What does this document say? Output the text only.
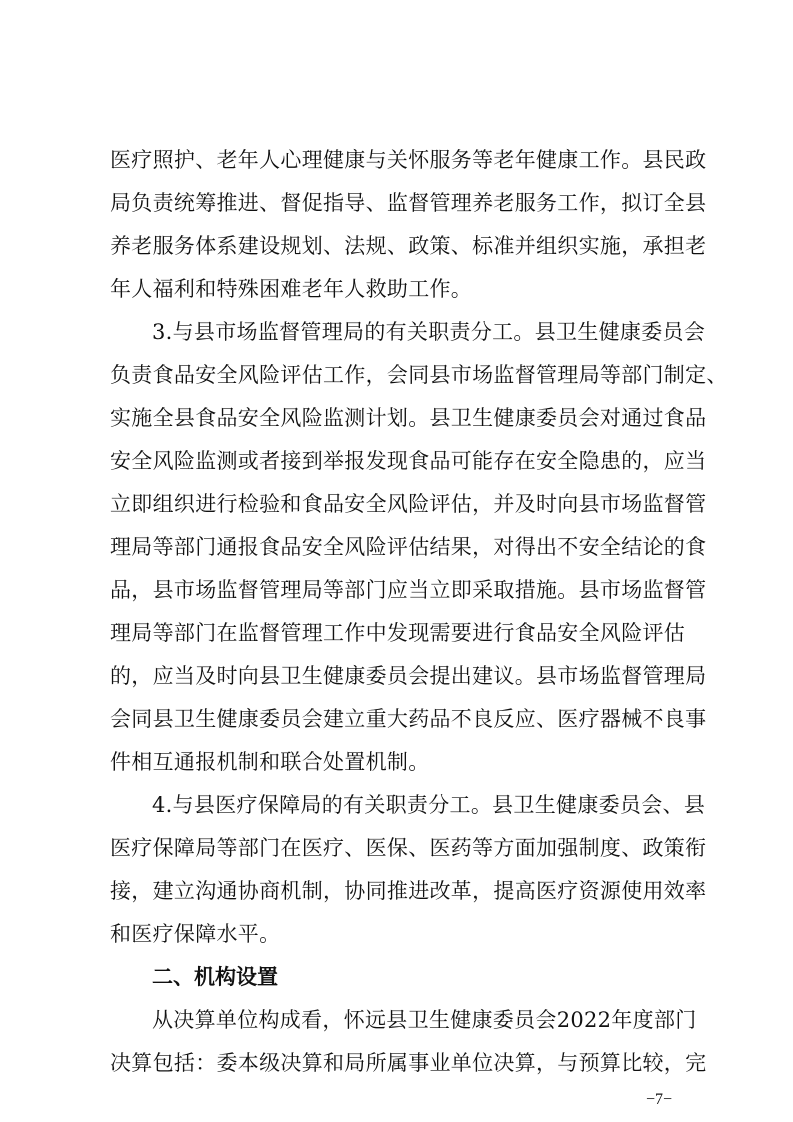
医疗照护、老年人心理健康与关怀服务等老年健康工作。县民政
局负责统筹推进、督促指导、监督管理养老服务工作，拟订全县
养老服务体系建设规划、法规、政策、标准并组织实施，承担老
年人福利和特殊困难老年人救助工作。
3.与县市场监督管理局的有关职责分工。县卫生健康委员会
负责食品安全风险评估工作，会同县市场监督管理局等部门制定、
实施全县食品安全风险监测计划。县卫生健康委员会对通过食品
安全风险监测或者接到举报发现食品可能存在安全隐患的，应当
立即组织进行检验和食品安全风险评估，并及时向县市场监督管
理局等部门通报食品安全风险评估结果，对得出不安全结论的食
品，县市场监督管理局等部门应当立即采取措施。县市场监督管
理局等部门在监督管理工作中发现需要进行食品安全风险评估
的，应当及时向县卫生健康委员会提出建议。县市场监督管理局
会同县卫生健康委员会建立重大药品不良反应、医疗器械不良事
件相互通报机制和联合处置机制。
4.与县医疗保障局的有关职责分工。县卫生健康委员会、县
医疗保障局等部门在医疗、医保、医药等方面加强制度、政策衔
接，建立沟通协商机制，协同推进改革，提高医疗资源使用效率
和医疗保障水平。
二、机构设置
从决算单位构成看，怀远县卫生健康委员会2022年度部门
决算包括：委本级决算和局所属事业单位决算，与预算比较，完
−7−
